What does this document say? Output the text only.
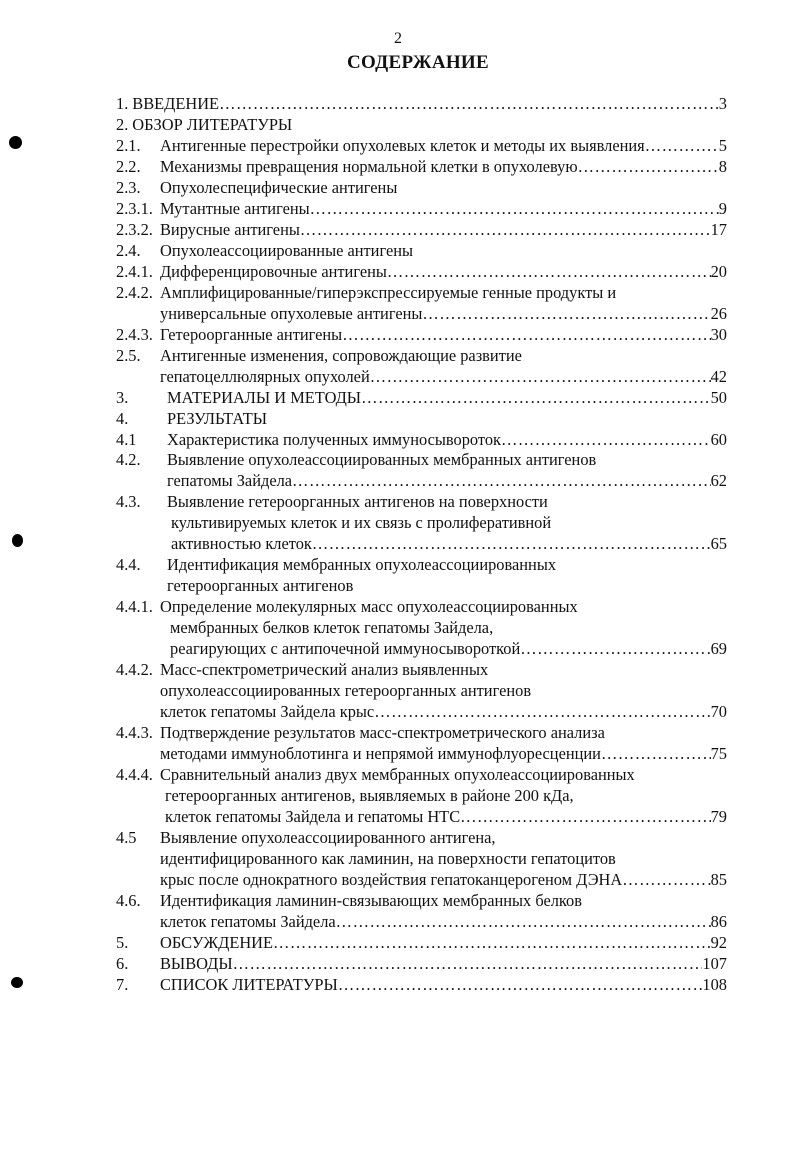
2
СОДЕРЖАНИЕ
1. ВВЕДЕНИЕ …………………………………………………………………………………………………………………………………………………………………………………………	3
2. ОБЗОР ЛИТЕРАТУРЫ
2.1. Антигенные перестройки опухолевых клеток и методы их выявления …………………………………………………………………………………………………………………………………………………………………………………………	5
2.2. Механизмы превращения нормальной клетки в опухолевую …………………………………………………………………………………………………………………………………………………………………………………………	8
2.3. Опухолеспецифические антигены
2.3.1. Мутантные антигены …………………………………………………………………………………………………………………………………………………………………………………………	9
2.3.2. Вирусные антигены …………………………………………………………………………………………………………………………………………………………………………………………	17
2.4. Опухолеассоциированные антигены
2.4.1. Дифференцировочные антигены …………………………………………………………………………………………………………………………………………………………………………………………	20
2.4.2. Амплифицированные/гиперэкспрессируемые генные продукты и
универсальные опухолевые антигены …………………………………………………………………………………………………………………………………………………………………………………………	26
2.4.3. Гетероорганные антигены …………………………………………………………………………………………………………………………………………………………………………………………	30
2.5. Антигенные изменения, сопровождающие развитие
гепатоцеллюлярных опухолей …………………………………………………………………………………………………………………………………………………………………………………………	42
3. МАТЕРИАЛЫ И МЕТОДЫ …………………………………………………………………………………………………………………………………………………………………………………………	50
4. РЕЗУЛЬТАТЫ
4.1 Характеристика полученных иммуносывороток …………………………………………………………………………………………………………………………………………………………………………………………	60
4.2. Выявление опухолеассоциированных мембранных антигенов
гепатомы Зайдела …………………………………………………………………………………………………………………………………………………………………………………………	62
4.3. Выявление гетероорганных антигенов на поверхности
культивируемых клеток и их связь с пролиферативной
активностью клеток …………………………………………………………………………………………………………………………………………………………………………………………	65
4.4. Идентификация мембранных опухолеассоциированных
гетероорганных антигенов
4.4.1. Определение молекулярных масс опухолеассоциированных
мембранных белков клеток гепатомы Зайдела,
реагирующих с антипочечной иммуносывороткой …………………………………………………………………………………………………………………………………………………………………………………………	69
4.4.2. Масс-спектрометрический анализ выявленных
опухолеассоциированных гетероорганных антигенов
клеток гепатомы Зайдела крыс …………………………………………………………………………………………………………………………………………………………………………………………	70
4.4.3. Подтверждение результатов масс-спектрометрического анализа
методами иммуноблотинга и непрямой иммунофлуоресценции …………………………………………………………………………………………………………………………………………………………………………………………	75
4.4.4. Сравнительный анализ двух мембранных опухолеассоциированных
гетероорганных антигенов, выявляемых в районе 200 кДа,
клеток гепатомы Зайдела и гепатомы НТС …………………………………………………………………………………………………………………………………………………………………………………………	79
4.5 Выявление опухолеассоциированного антигена,
идентифицированного как ламинин, на поверхности гепатоцитов
крыс после однократного воздействия гепатоканцерогеном ДЭНА …………………………………………………………………………………………………………………………………………………………………………………………	85
4.6. Идентификация ламинин-связывающих мембранных белков
клеток гепатомы Зайдела …………………………………………………………………………………………………………………………………………………………………………………………	86
5. ОБСУЖДЕНИЕ …………………………………………………………………………………………………………………………………………………………………………………………	92
6. ВЫВОДЫ …………………………………………………………………………………………………………………………………………………………………………………………	107
7. СПИСОК ЛИТЕРАТУРЫ …………………………………………………………………………………………………………………………………………………………………………………………	108
